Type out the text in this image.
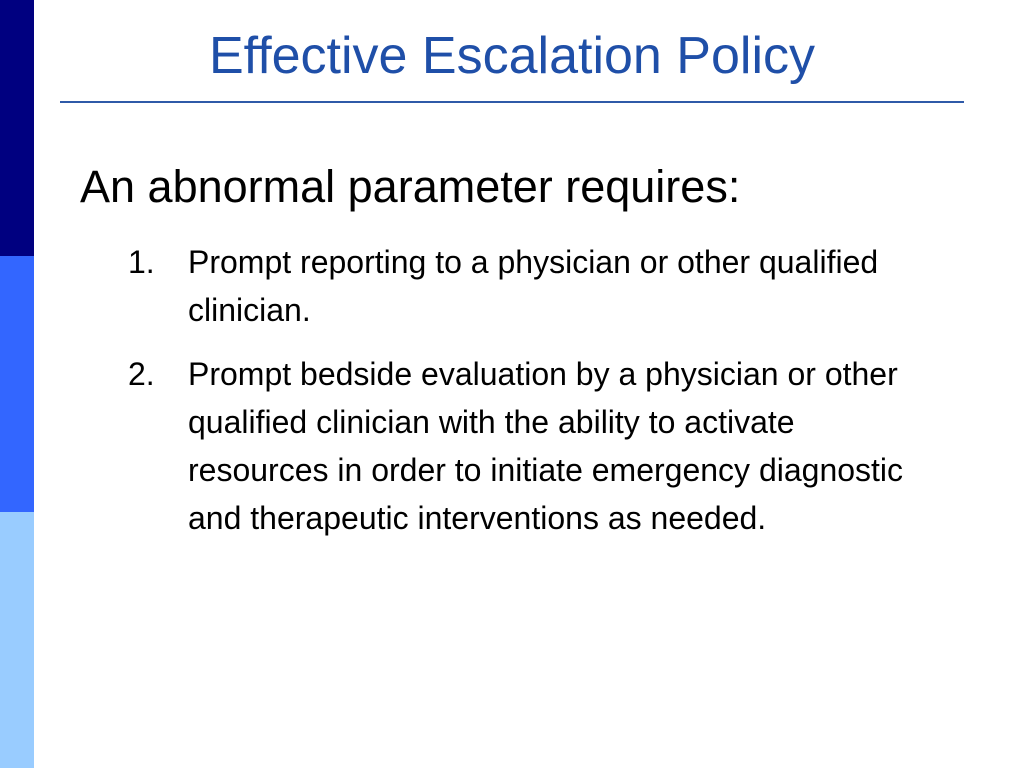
Effective Escalation Policy
An abnormal parameter requires:
1. Prompt reporting to a physician or other qualified clinician.
2. Prompt bedside evaluation by a physician or other qualified clinician with the ability to activate resources in order to initiate emergency diagnostic and therapeutic interventions as needed.
